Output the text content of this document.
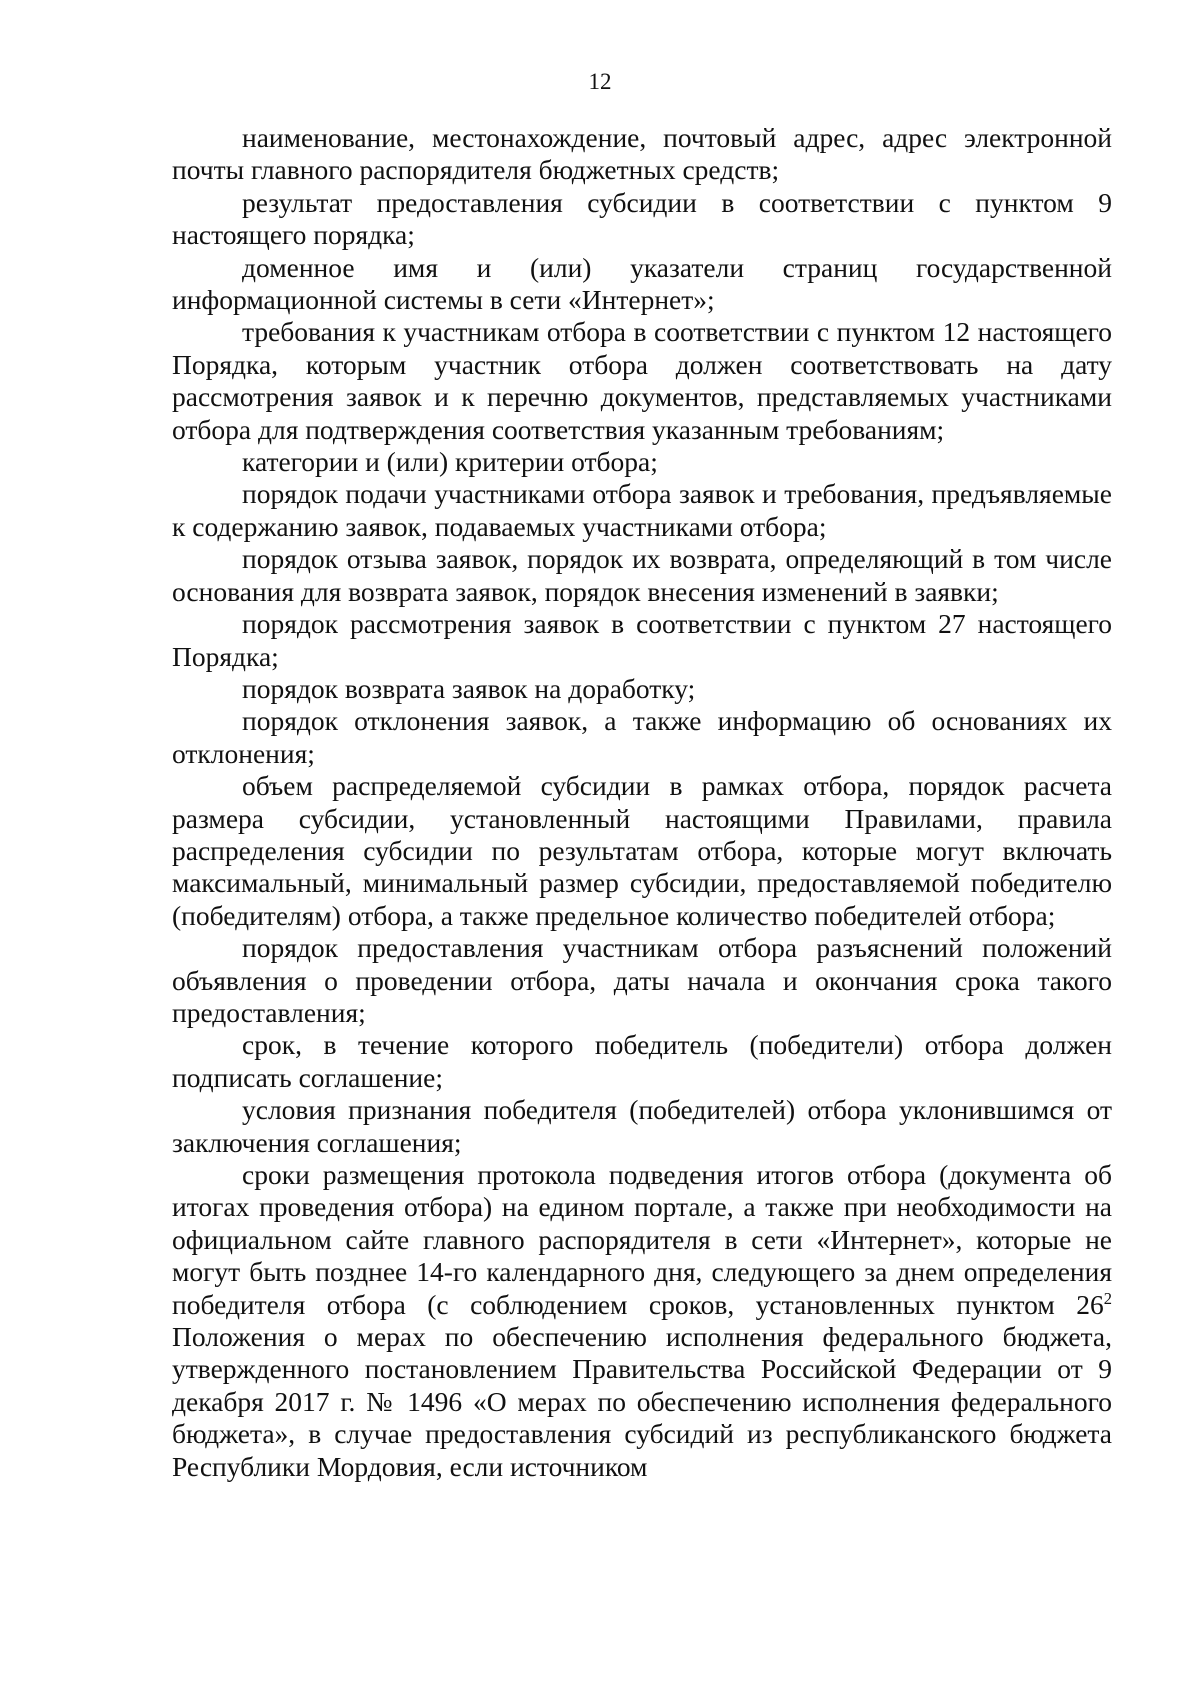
12

наименование, местонахождение, почтовый адрес, адрес электронной почты главного распорядителя бюджетных средств;

результат предоставления субсидии в соответствии с пунктом 9 настоящего порядка;

доменное имя и (или) указатели страниц государственной информационной системы в сети «Интернет»;

требования к участникам отбора в соответствии с пунктом 12 настоящего Порядка, которым участник отбора должен соответствовать на дату рассмотрения заявок и к перечню документов, представляемых участниками отбора для подтверждения соответствия указанным требованиям;

категории и (или) критерии отбора;

порядок подачи участниками отбора заявок и требования, предъявляемые к содержанию заявок, подаваемых участниками отбора;

порядок отзыва заявок, порядок их возврата, определяющий в том числе основания для возврата заявок, порядок внесения изменений в заявки;

порядок рассмотрения заявок в соответствии с пунктом 27 настоящего Порядка;

порядок возврата заявок на доработку;

порядок отклонения заявок, а также информацию об основаниях их отклонения;

объем распределяемой субсидии в рамках отбора, порядок расчета размера субсидии, установленный настоящими Правилами, правила распределения субсидии по результатам отбора, которые могут включать максимальный, минимальный размер субсидии, предоставляемой победителю (победителям) отбора, а также предельное количество победителей отбора;

порядок предоставления участникам отбора разъяснений положений объявления о проведении отбора, даты начала и окончания срока такого предоставления;

срок, в течение которого победитель (победители) отбора должен подписать соглашение;

условия признания победителя (победителей) отбора уклонившимся от заключения соглашения;

сроки размещения протокола подведения итогов отбора (документа об итогах проведения отбора) на едином портале, а также при необходимости на официальном сайте главного распорядителя в сети «Интернет», которые не могут быть позднее 14-го календарного дня, следующего за днем определения победителя отбора (с соблюдением сроков, установленных пунктом $26^2$ Положения о мерах по обеспечению исполнения федерального бюджета, утвержденного постановлением Правительства Российской Федерации от 9 декабря 2017 г. № 1496 «О мерах по обеспечению исполнения федерального бюджета», в случае предоставления субсидий из республиканского бюджета Республики Мордовия, если источником
